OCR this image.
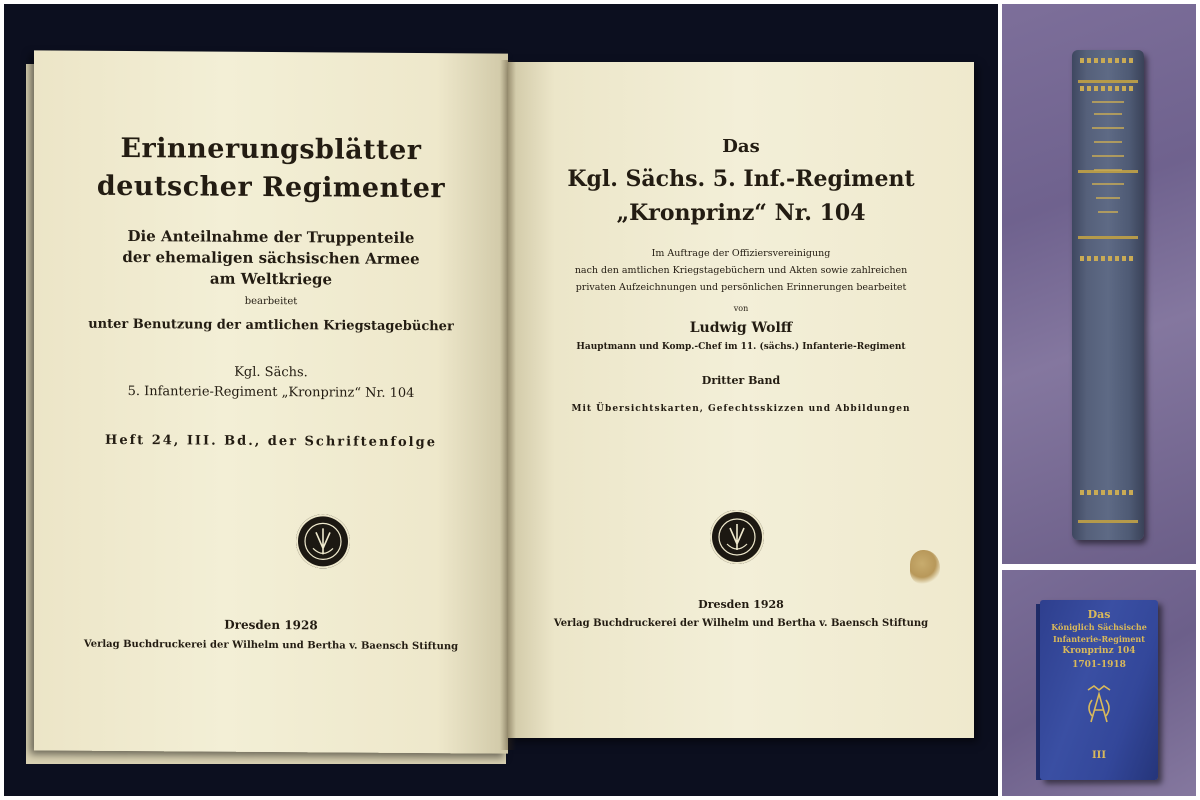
Erinnerungsblätter

deutscher Regimenter

Die Anteilnahme der Truppenteile

der ehemaligen sächsischen Armee

am Weltkriege

bearbeitet

unter Benutzung der amtlichen Kriegstagebücher

Kgl. Sächs.

5. Infanterie-Regiment „Kronprinz“ Nr. 104

Heft 24, III. Bd., der Schriftenfolge

Dresden 1928

Verlag Buchdruckerei der Wilhelm und Bertha v. Baensch Stiftung

Das

Kgl. Sächs. 5. Inf.-Regiment

„Kronprinz“ Nr. 104

Im Auftrage der Offiziersvereinigung

nach den amtlichen Kriegstagebüchern und Akten sowie zahlreichen

privaten Aufzeichnungen und persönlichen Erinnerungen bearbeitet

von

Ludwig Wolff

Hauptmann und Komp.-Chef im 11. (sächs.) Infanterie-Regiment

Dritter Band

Mit Übersichtskarten, Gefechtsskizzen und Abbildungen

Dresden 1928

Verlag Buchdruckerei der Wilhelm und Bertha v. Baensch Stiftung

Das

Königlich Sächsische

Infanterie-Regiment

Kronprinz 104

1701-1918

III
